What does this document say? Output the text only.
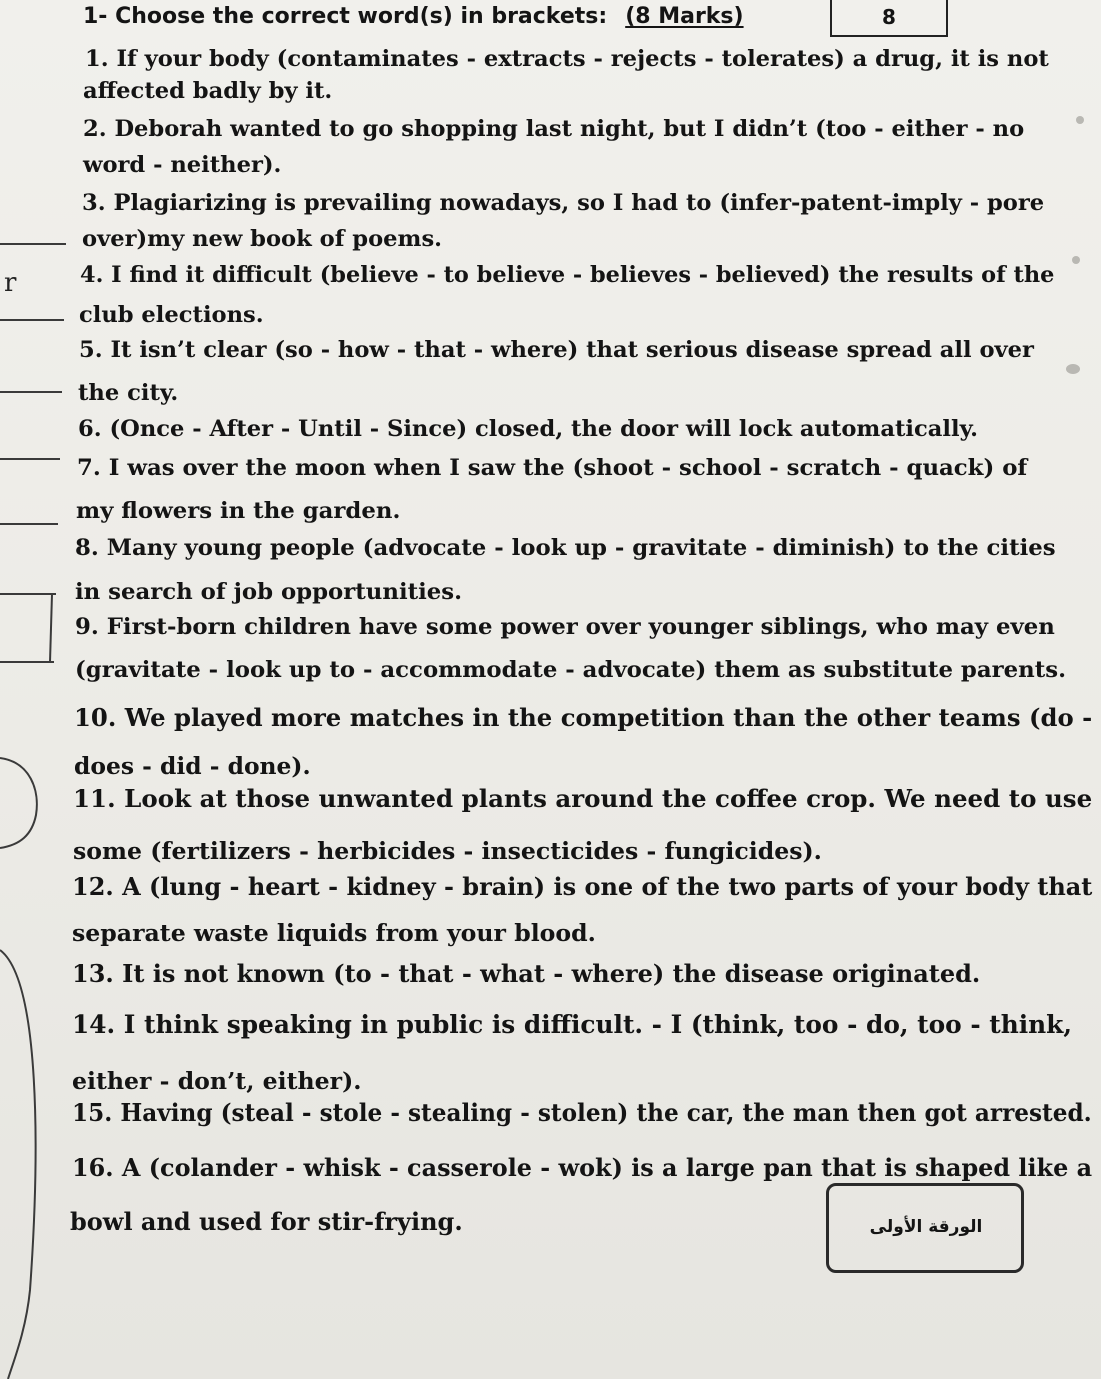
r
1- Choose the correct word(s) in brackets: (8 Marks)	8
1. If your body (contaminates - extracts - rejects - tolerates) a drug, it is not
affected badly by it.
2. Deborah wanted to go shopping last night, but I didn’t (too - either - no
word - neither).
3. Plagiarizing is prevailing nowadays, so I had to (infer-patent-imply - pore
over)my new book of poems.
4. I find it difficult (believe - to believe - believes - believed) the results of the
club elections.
5. It isn’t clear (so - how - that - where) that serious disease spread all over
the city.
6. (Once - After - Until - Since) closed, the door will lock automatically.
7. I was over the moon when I saw the (shoot - school - scratch - quack) of
my flowers in the garden.
8. Many young people (advocate - look up - gravitate - diminish) to the cities
in search of job opportunities.
9. First-born children have some power over younger siblings, who may even
(gravitate - look up to - accommodate - advocate) them as substitute parents.
10. We played more matches in the competition than the other teams (do -
does - did - done).
11. Look at those unwanted plants around the coffee crop. We need to use
some (fertilizers - herbicides - insecticides - fungicides).
12. A (lung - heart - kidney - brain) is one of the two parts of your body that
separate waste liquids from your blood.
13. It is not known (to - that - what - where) the disease originated.
14. I think speaking in public is difficult. - I (think, too - do, too - think,
either - don’t, either).
15. Having (steal - stole - stealing - stolen) the car, the man then got arrested.
16. A (colander - whisk - casserole - wok) is a large pan that is shaped like a
bowl and used for stir-frying.	الورقة الأولى
